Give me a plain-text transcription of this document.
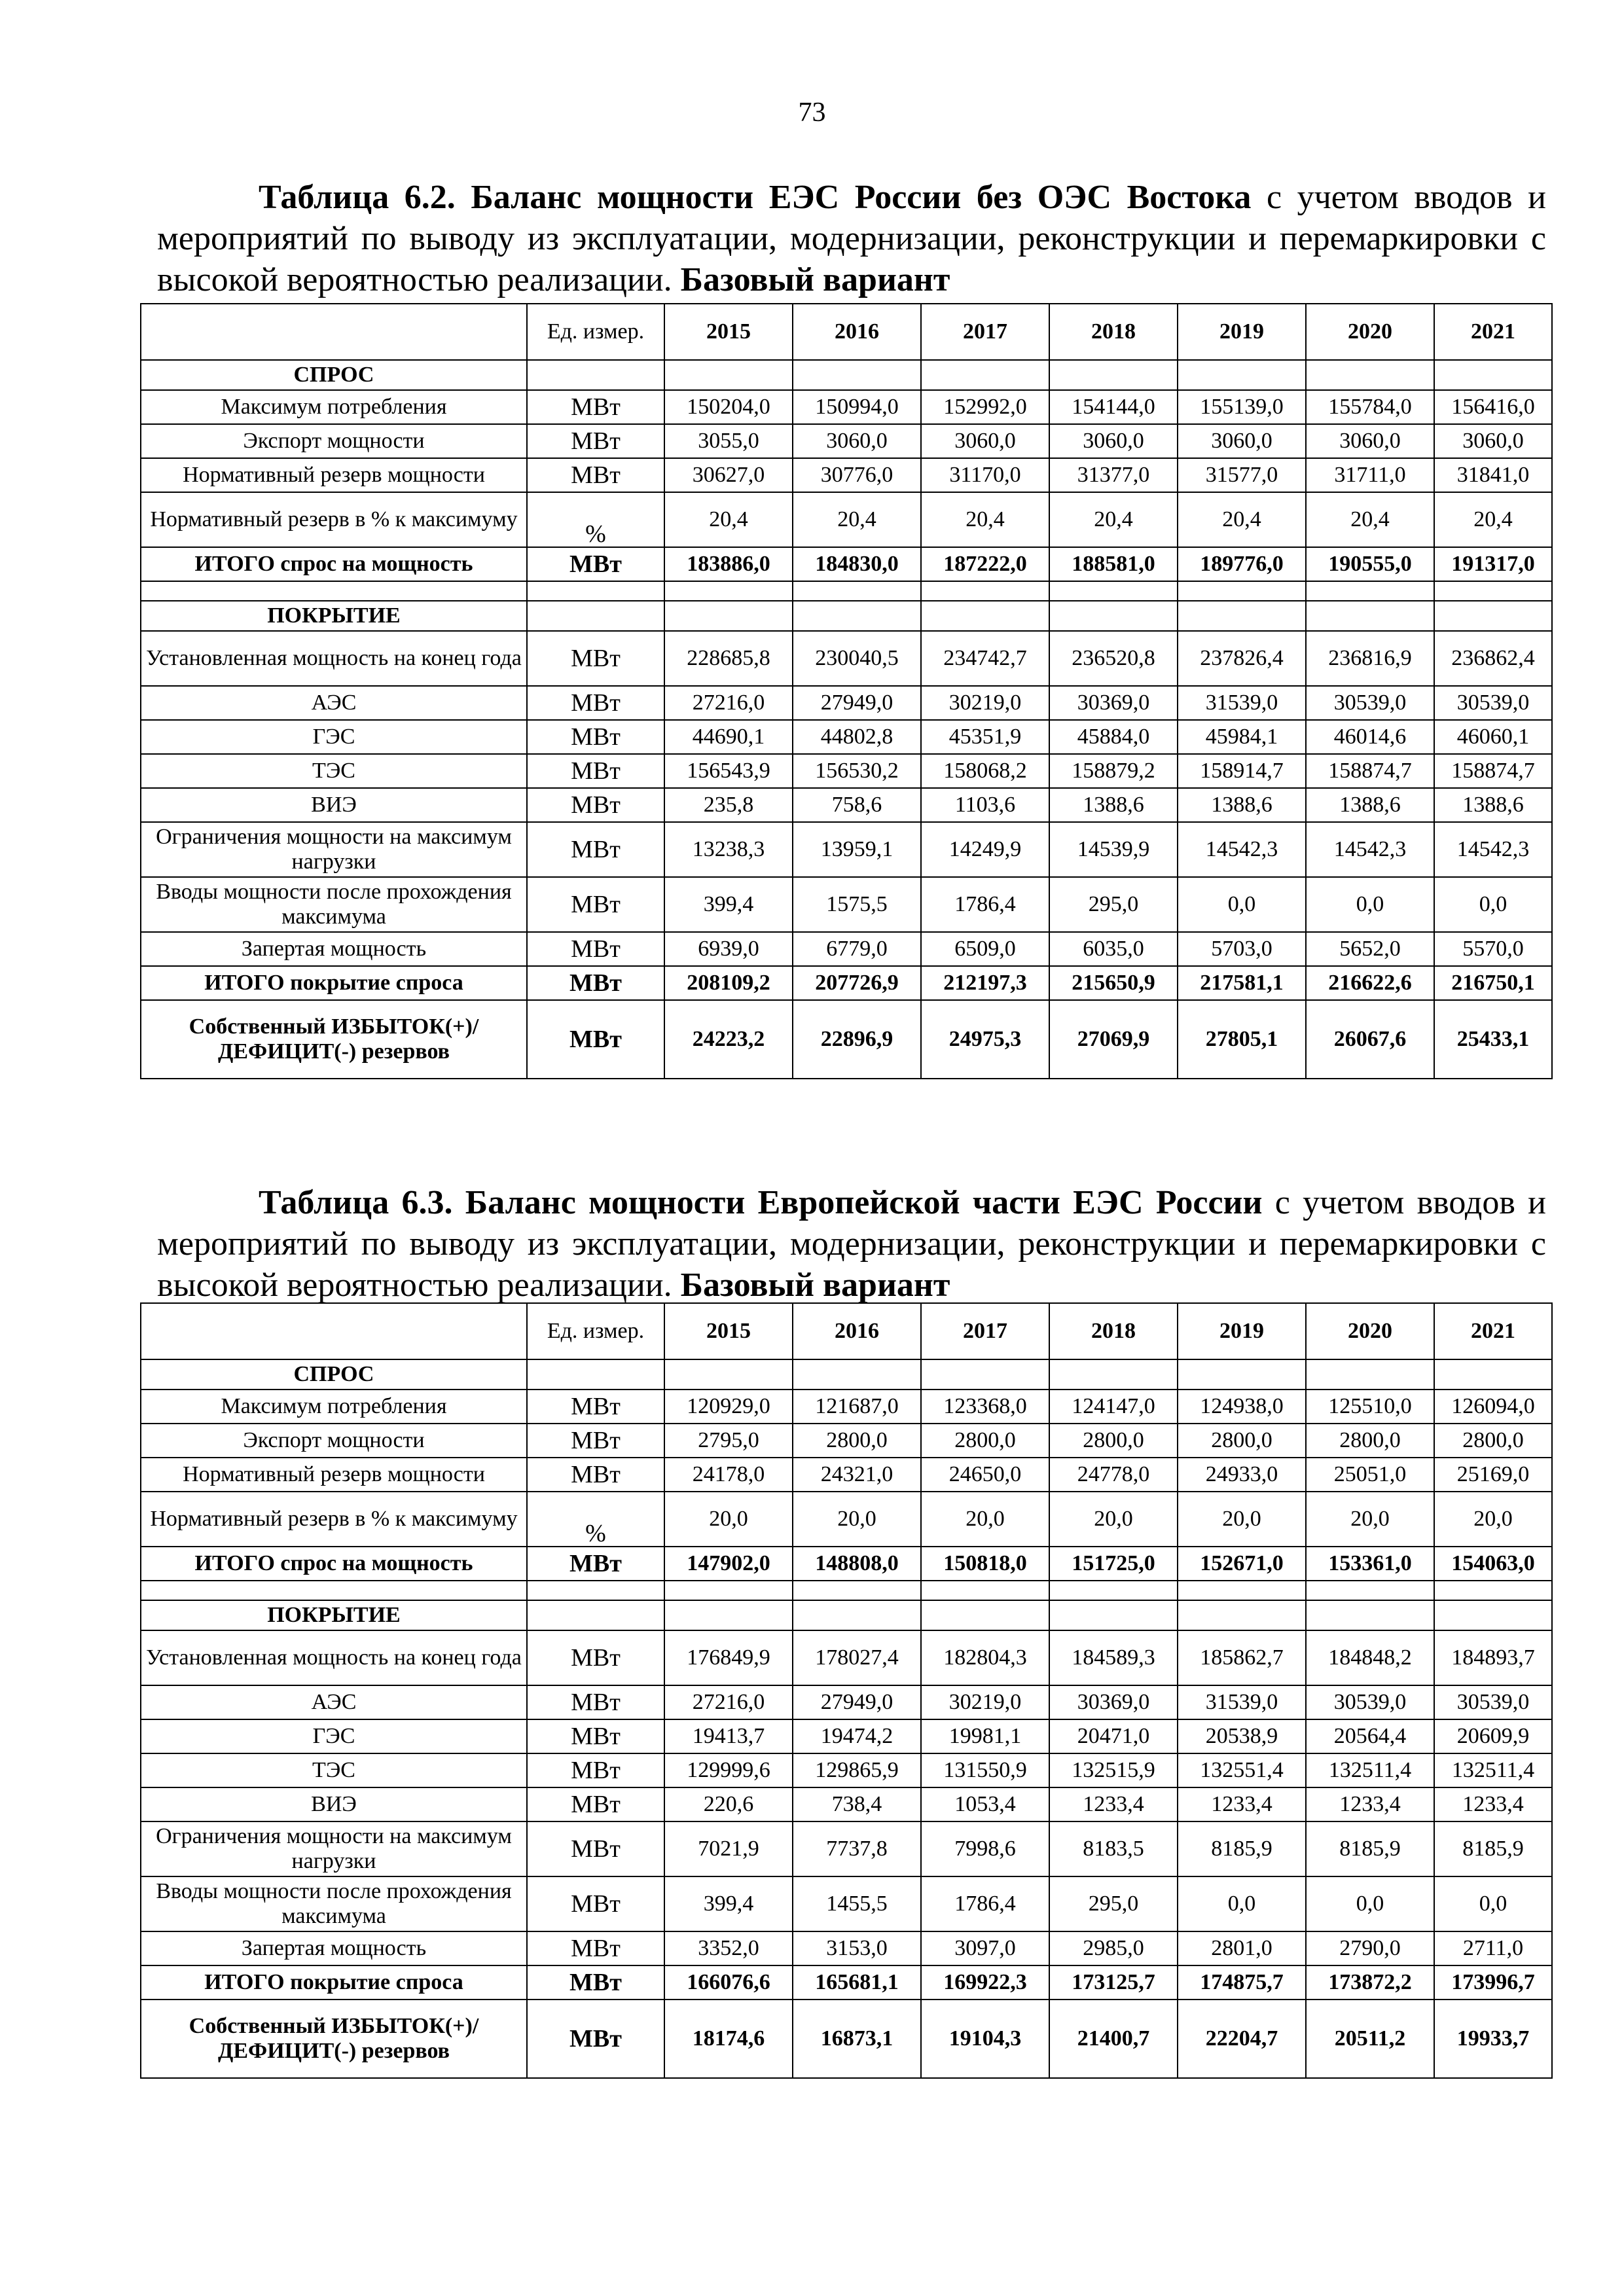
73
Таблица 6.2. Баланс мощности ЕЭС России без ОЭС Востока с учетом вводов и мероприятий по выводу из эксплуатации, модернизации, реконструкции и перемаркировки с высокой вероятностью реализации. Базовый вариант
	Ед. измер.	2015	2016	2017	2018	2019	2020	2021
СПРОС								
Максимум потребления	МВт	150204,0	150994,0	152992,0	154144,0	155139,0	155784,0	156416,0
Экспорт мощности	МВт	3055,0	3060,0	3060,0	3060,0	3060,0	3060,0	3060,0
Нормативный резерв мощности	МВт	30627,0	30776,0	31170,0	31377,0	31577,0	31711,0	31841,0
Нормативный резерв в % к максимуму	%	20,4	20,4	20,4	20,4	20,4	20,4	20,4
ИТОГО спрос на мощность	МВт	183886,0	184830,0	187222,0	188581,0	189776,0	190555,0	191317,0

ПОКРЫТИЕ								
Установленная мощность на конец года	МВт	228685,8	230040,5	234742,7	236520,8	237826,4	236816,9	236862,4
АЭС	МВт	27216,0	27949,0	30219,0	30369,0	31539,0	30539,0	30539,0
ГЭС	МВт	44690,1	44802,8	45351,9	45884,0	45984,1	46014,6	46060,1
ТЭС	МВт	156543,9	156530,2	158068,2	158879,2	158914,7	158874,7	158874,7
ВИЭ	МВт	235,8	758,6	1103,6	1388,6	1388,6	1388,6	1388,6
Ограничения мощности на максимум нагрузки	МВт	13238,3	13959,1	14249,9	14539,9	14542,3	14542,3	14542,3
Вводы мощности после прохождения максимума	МВт	399,4	1575,5	1786,4	295,0	0,0	0,0	0,0
Запертая мощность	МВт	6939,0	6779,0	6509,0	6035,0	5703,0	5652,0	5570,0
ИТОГО покрытие спроса	МВт	208109,2	207726,9	212197,3	215650,9	217581,1	216622,6	216750,1
Собственный ИЗБЫТОК(+)/ДЕФИЦИТ(-) резервов	МВт	24223,2	22896,9	24975,3	27069,9	27805,1	26067,6	25433,1
Таблица 6.3. Баланс мощности Европейской части ЕЭС России с учетом вводов и мероприятий по выводу из эксплуатации, модернизации, реконструкции и перемаркировки с высокой вероятностью реализации. Базовый вариант
	Ед. измер.	2015	2016	2017	2018	2019	2020	2021
СПРОС								
Максимум потребления	МВт	120929,0	121687,0	123368,0	124147,0	124938,0	125510,0	126094,0
Экспорт мощности	МВт	2795,0	2800,0	2800,0	2800,0	2800,0	2800,0	2800,0
Нормативный резерв мощности	МВт	24178,0	24321,0	24650,0	24778,0	24933,0	25051,0	25169,0
Нормативный резерв в % к максимуму	%	20,0	20,0	20,0	20,0	20,0	20,0	20,0
ИТОГО спрос на мощность	МВт	147902,0	148808,0	150818,0	151725,0	152671,0	153361,0	154063,0

ПОКРЫТИЕ								
Установленная мощность на конец года	МВт	176849,9	178027,4	182804,3	184589,3	185862,7	184848,2	184893,7
АЭС	МВт	27216,0	27949,0	30219,0	30369,0	31539,0	30539,0	30539,0
ГЭС	МВт	19413,7	19474,2	19981,1	20471,0	20538,9	20564,4	20609,9
ТЭС	МВт	129999,6	129865,9	131550,9	132515,9	132551,4	132511,4	132511,4
ВИЭ	МВт	220,6	738,4	1053,4	1233,4	1233,4	1233,4	1233,4
Ограничения мощности на максимум нагрузки	МВт	7021,9	7737,8	7998,6	8183,5	8185,9	8185,9	8185,9
Вводы мощности после прохождения максимума	МВт	399,4	1455,5	1786,4	295,0	0,0	0,0	0,0
Запертая мощность	МВт	3352,0	3153,0	3097,0	2985,0	2801,0	2790,0	2711,0
ИТОГО покрытие спроса	МВт	166076,6	165681,1	169922,3	173125,7	174875,7	173872,2	173996,7
Собственный ИЗБЫТОК(+)/ДЕФИЦИТ(-) резервов	МВт	18174,6	16873,1	19104,3	21400,7	22204,7	20511,2	19933,7
